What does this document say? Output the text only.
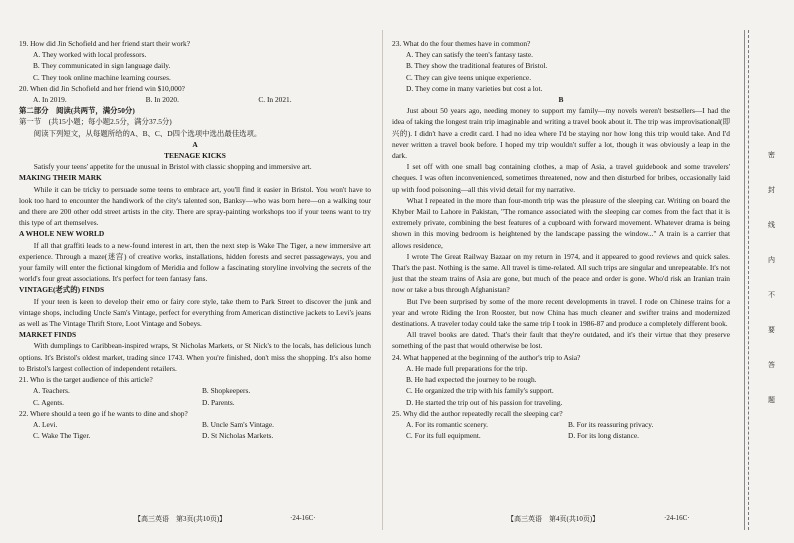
19. How did Jin Schofield and her friend start their work?

A. They worked with local professors.

B. They communicated in sign language daily.

C. They took online machine learning courses.

20. When did Jin Schofield and her friend win $10,000?

A. In 2019.	B. In 2020.	C. In 2021.

第二部分　阅读(共两节，满分50分)

第一节　(共15小题；每小题2.5分，满分37.5分)

阅读下列短文，从每题所给的A、B、C、D四个选项中选出最佳选项。

A

TEENAGE KICKS

Satisfy your teens' appetite for the unusual in Bristol with classic shopping and immersive art.

MAKING THEIR MARK

While it can be tricky to persuade some teens to embrace art, you'll find it easier in Bristol. You won't have to look too hard to encounter the handiwork of the city's talented son, Banksy—who was born here—on a walking tour and there are 200 other odd street artists in the city. There are spray-painting workshops too if your teens want to try this type of art themselves.

A WHOLE NEW WORLD

If all that graffiti leads to a new-found interest in art, then the next step is Wake The Tiger, a new immersive art experience. Through a maze(迷宫) of creative works, installations, hidden forests and secret passageways, you and your family will enter the fictional kingdom of Meridia and follow a fascinating storyline involving the secrets of the world's four great associations. It's perfect for teen fantasy fans.

VINTAGE(老式的) FINDS

If your teen is keen to develop their emo or fairy core style, take them to Park Street to discover the junk and vintage shops, including Uncle Sam's Vintage, perfect for everything from American distinctive jackets to Levi's jeans as well as The Vintage Thrift Store, Loot Vintage and Sobeys.

MARKET FINDS

With dumplings to Caribbean-inspired wraps, St Nicholas Markets, or St Nick's to the locals, has delicious lunch options. It's Bristol's oldest market, trading since 1743. When you're finished, don't miss the shopping. It's also home to Bristol's largest collection of independent retailers.

21. Who is the target audience of this article?

A. Teachers.	B. Shopkeepers.
C. Agents.	D. Parents.

22. Where should a teen go if he wants to dine and shop?

A. Levi.	B. Uncle Sam's Vintage.
C. Wake The Tiger.	D. St Nicholas Markets.
【高三英语　第3页(共10页)】	·24-16C·

23. What do the four themes have in common?

A. They can satisfy the teen's fantasy taste.

B. They show the traditional features of Bristol.

C. They can give teens unique experience.

D. They come in many varieties but cost a lot.

B

Just about 50 years ago, needing money to support my family—my novels weren't bestsellers—I had the idea of taking the longest train trip imaginable and writing a travel book about it. The trip was improvisational(即兴的). I didn't have a credit card. I had no idea where I'd be staying nor how long this trip would take. And I'd never written a travel book before. I hoped my trip wouldn't suffer a lot, though it was obviously a leap in the dark.

I set off with one small bag containing clothes, a map of Asia, a travel guidebook and some travelers' cheques. I was often inconvenienced, sometimes threatened, now and then disturbed for bribes, occasionally laid up with food poisoning—all this vivid detail for my narrative.

What I repeated in the more than four-month trip was the pleasure of the sleeping car. Writing on board the Khyber Mail to Lahore in Pakistan, "The romance associated with the sleeping car comes from the fact that it is extremely private, combining the best features of a cupboard with forward movement. Whatever drama is being shown in this moving bedroom is heightened by the landscape passing the window..." A train is a carrier that allows residence,

I wrote The Great Railway Bazaar on my return in 1974, and it appeared to good reviews and quick sales. That's the past. Nothing is the same. All travel is time-related. All such trips are singular and unrepeatable. It's not just that the steam trains of Asia are gone, but much of the peace and order is gone. Who'd risk an Iranian train now or take a bus through Afghanistan?

But I've been surprised by some of the more recent developments in travel. I rode on Chinese trains for a year and wrote Riding the Iron Rooster, but now China has much cleaner and swifter trains and modernized destinations. A traveler today could take the same trip I took in 1986-87 and produce a completely different book.

All travel books are dated. That's their fault that they're outdated, and it's their virtue that they preserve something of the past that would otherwise be lost.

24. What happened at the beginning of the author's trip to Asia?

A. He made full preparations for the trip.

B. He had expected the journey to be rough.

C. He organized the trip with his family's support.

D. He started the trip out of his passion for traveling.

25. Why did the author repeatedly recall the sleeping car?

A. For its romantic scenery.	B. For its reassuring privacy.
C. For its full equipment.	D. For its long distance.
【高三英语　第4页(共10页)】	·24-16C·
密
封
线
内
不
要
答
题
